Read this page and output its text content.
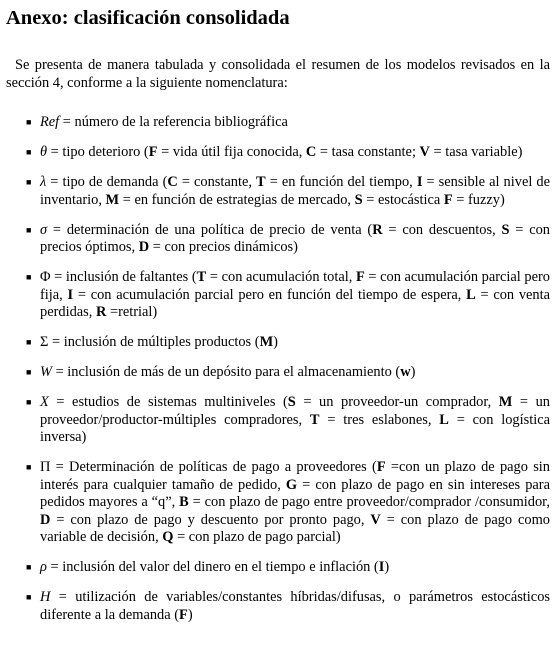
Anexo: clasificación consolidada

Se presenta de manera tabulada y consolidada el resumen de los modelos revisados en la sección 4, conforme a la siguiente nomenclatura:

■ Ref = número de la referencia bibliográfica
■ θ = tipo deterioro (F = vida útil fija conocida, C = tasa constante; V = tasa variable)
■ λ = tipo de demanda (C = constante, T = en función del tiempo, I = sensible al nivel de inventario, M = en función de estrategias de mercado, S = estocástica F = fuzzy)
■ σ = determinación de una política de precio de venta (R = con descuentos, S = con precios óptimos, D = con precios dinámicos)
■ Φ = inclusión de faltantes (T = con acumulación total, F = con acumulación parcial pero fija, I = con acumulación parcial pero en función del tiempo de espera, L = con venta perdidas, R =retrial)
■ Σ = inclusión de múltiples productos (M)
■ W = inclusión de más de un depósito para el almacenamiento (w)
■ X = estudios de sistemas multiniveles (S = un proveedor-un comprador, M = un proveedor/productor-múltiples compradores, T = tres eslabones, L = con logística inversa)
■ Π = Determinación de políticas de pago a proveedores (F =con un plazo de pago sin interés para cualquier tamaño de pedido, G = con plazo de pago en sin intereses para pedidos mayores a “q”, B = con plazo de pago entre proveedor/comprador /consumidor, D = con plazo de pago y descuento por pronto pago, V = con plazo de pago como variable de decisión, Q = con plazo de pago parcial)
■ ρ = inclusión del valor del dinero en el tiempo e inflación (I)
■ H = utilización de variables/constantes híbridas/difusas, o parámetros estocásticos diferente a la demanda (F)
